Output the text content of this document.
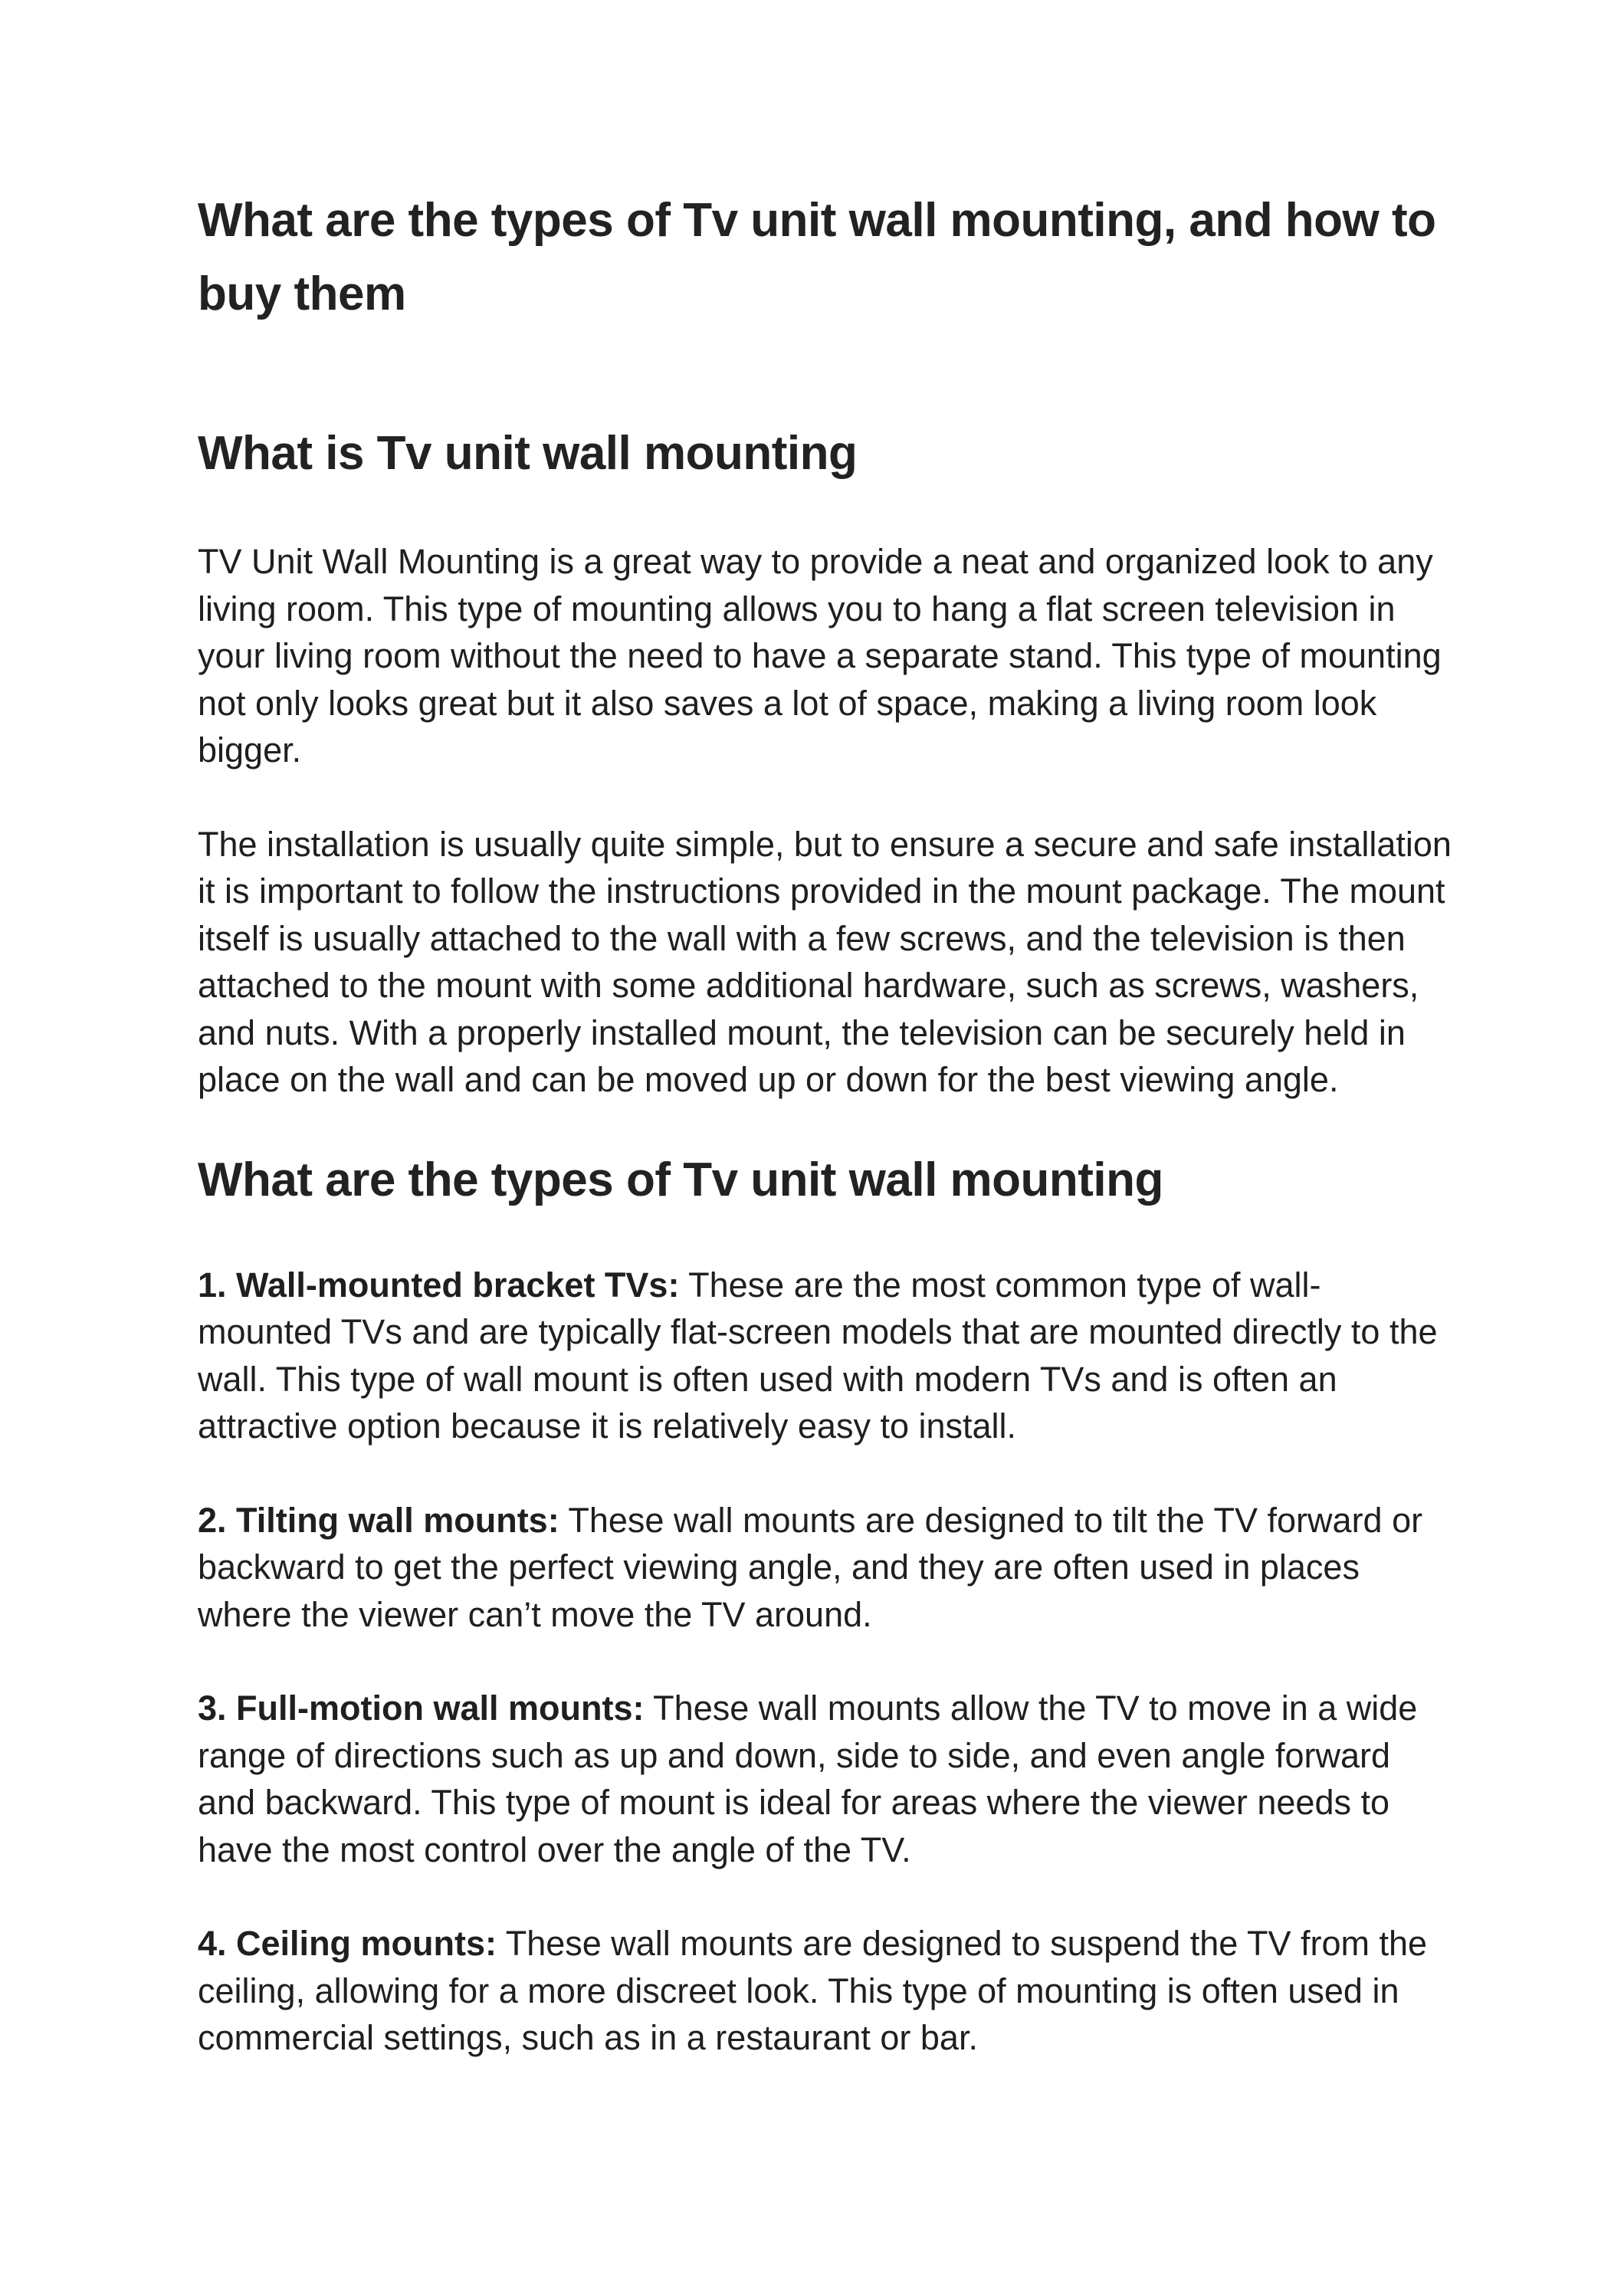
What are the types of Tv unit wall mounting, and how to buy them
What is Tv unit wall mounting

TV Unit Wall Mounting is a great way to provide a neat and organized look to any living room. This type of mounting allows you to hang a flat screen television in your living room without the need to have a separate stand. This type of mounting not only looks great but it also saves a lot of space, making a living room look bigger.

The installation is usually quite simple, but to ensure a secure and safe installation it is important to follow the instructions provided in the mount package. The mount itself is usually attached to the wall with a few screws, and the television is then attached to the mount with some additional hardware, such as screws, washers, and nuts. With a properly installed mount, the television can be securely held in place on the wall and can be moved up or down for the best viewing angle.

What are the types of Tv unit wall mounting

1. Wall-mounted bracket TVs: These are the most common type of wall-mounted TVs and are typically flat-screen models that are mounted directly to the wall. This type of wall mount is often used with modern TVs and is often an attractive option because it is relatively easy to install.

2. Tilting wall mounts: These wall mounts are designed to tilt the TV forward or backward to get the perfect viewing angle, and they are often used in places where the viewer can’t move the TV around.

3. Full-motion wall mounts: These wall mounts allow the TV to move in a wide range of directions such as up and down, side to side, and even angle forward and backward. This type of mount is ideal for areas where the viewer needs to have the most control over the angle of the TV.

4. Ceiling mounts: These wall mounts are designed to suspend the TV from the ceiling, allowing for a more discreet look. This type of mounting is often used in commercial settings, such as in a restaurant or bar.
